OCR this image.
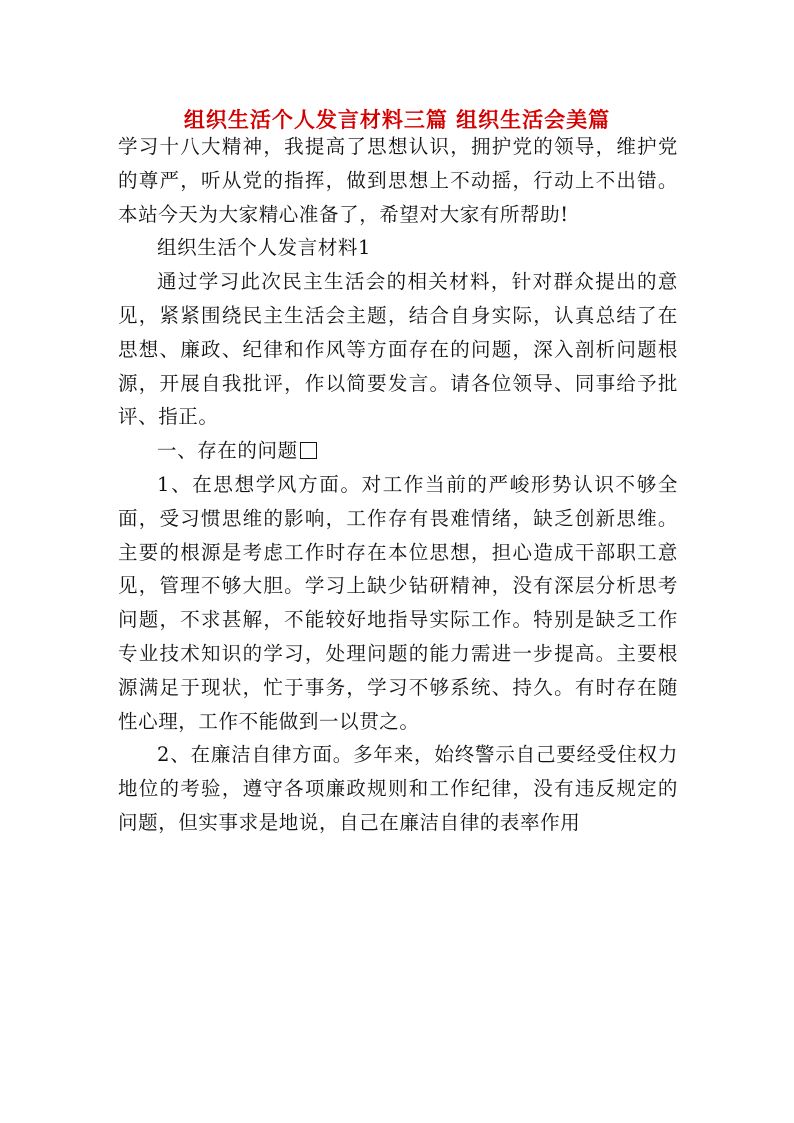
组织生活个人发言材料三篇 组织生活会美篇

学习十八大精神，我提高了思想认识，拥护党的领导，维护党的尊严，听从党的指挥，做到思想上不动摇，行动上不出错。本站今天为大家精心准备了，希望对大家有所帮助!

组织生活个人发言材料1

通过学习此次民主生活会的相关材料，针对群众提出的意见，紧紧围绕民主生活会主题，结合自身实际，认真总结了在思想、廉政、纪律和作风等方面存在的问题，深入剖析问题根源，开展自我批评，作以简要发言。请各位领导、同事给予批评、指正。

一、存在的问题

1、在思想学风方面。对工作当前的严峻形势认识不够全面，受习惯思维的影响，工作存有畏难情绪，缺乏创新思维。主要的根源是考虑工作时存在本位思想，担心造成干部职工意见，管理不够大胆。学习上缺少钻研精神，没有深层分析思考问题，不求甚解，不能较好地指导实际工作。特别是缺乏工作专业技术知识的学习，处理问题的能力需进一步提高。主要根源满足于现状，忙于事务，学习不够系统、持久。有时存在随性心理，工作不能做到一以贯之。

2、在廉洁自律方面。多年来，始终警示自己要经受住权力地位的考验，遵守各项廉政规则和工作纪律，没有违反规定的问题，但实事求是地说，自己在廉洁自律的表率作用
